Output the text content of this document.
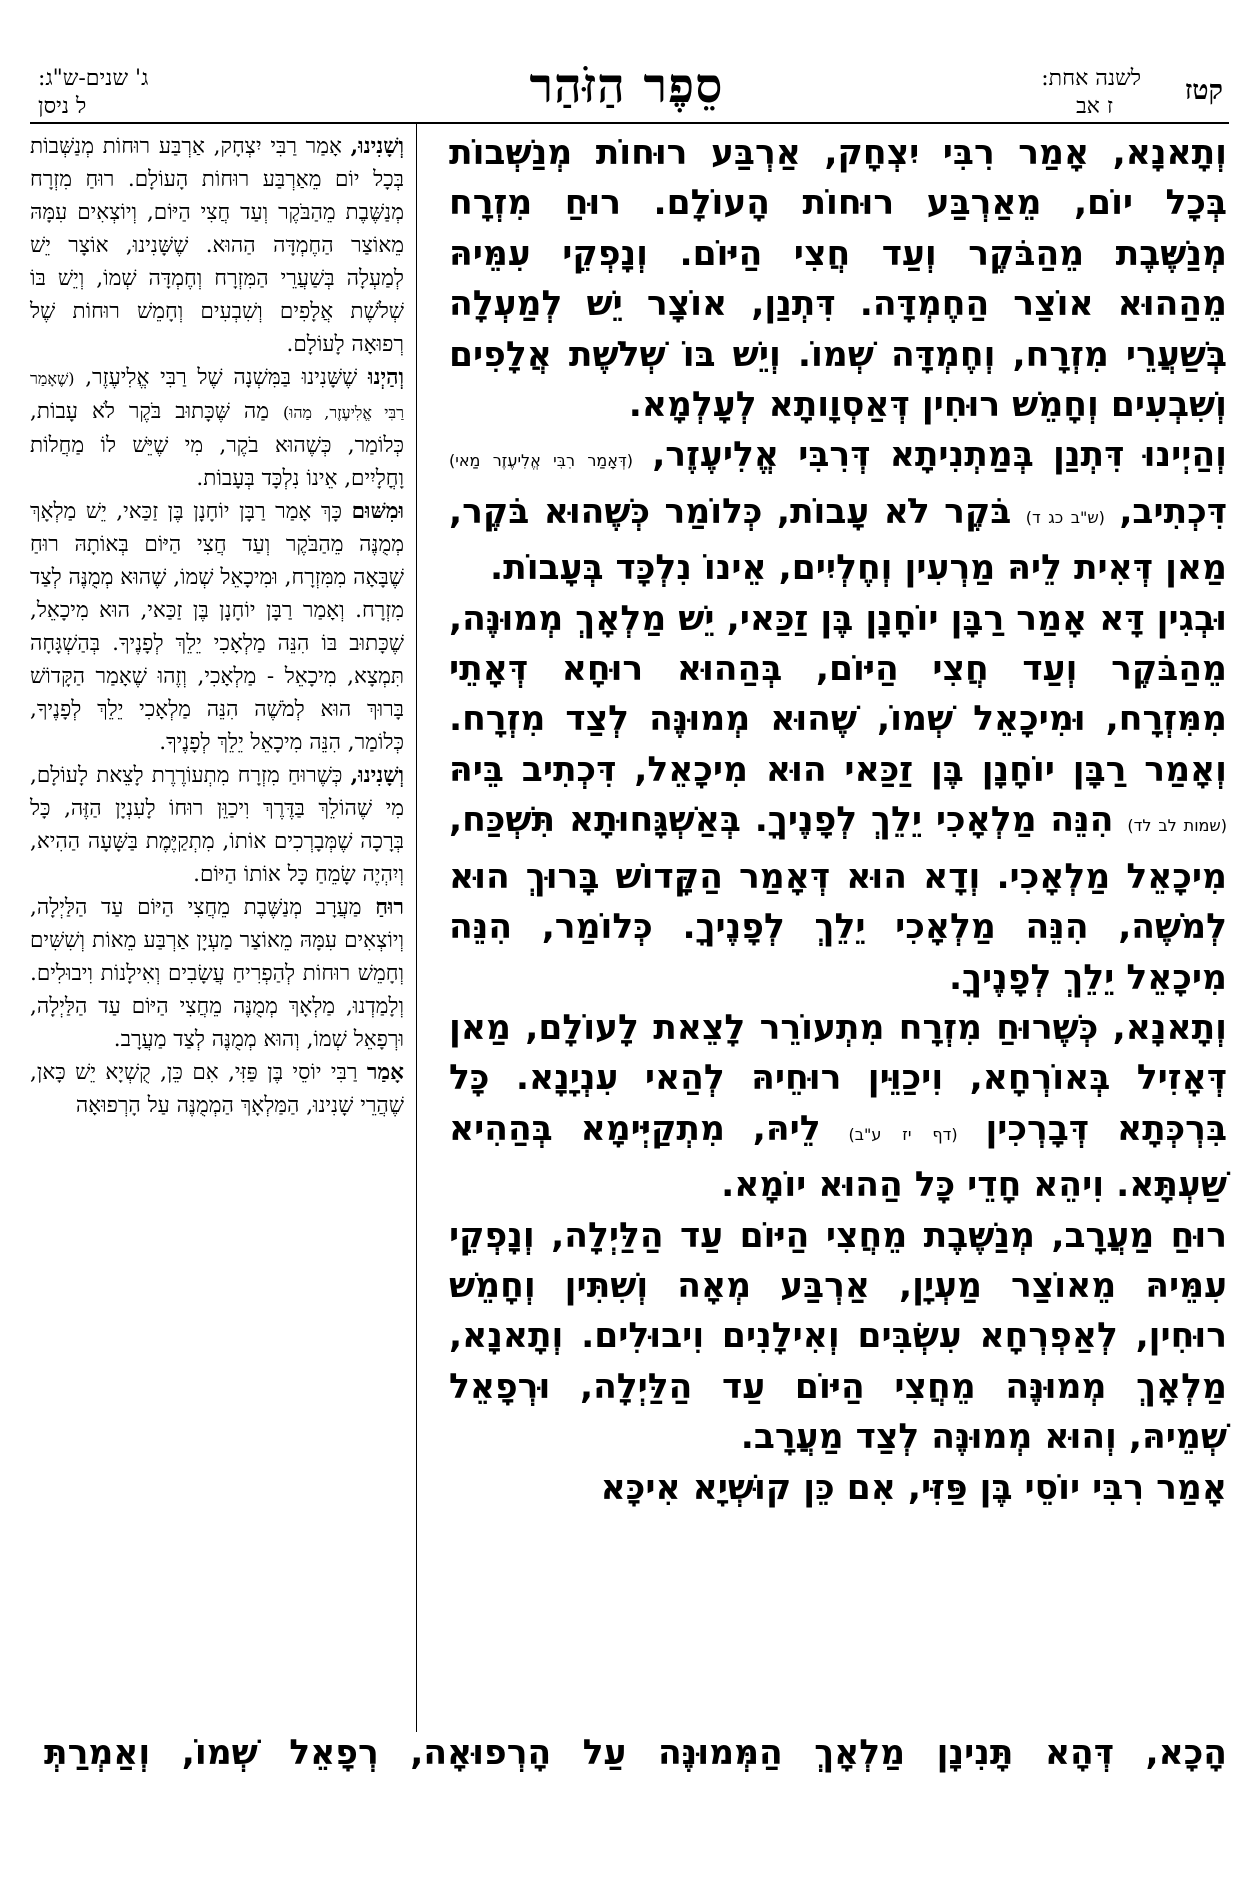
קטז
לשנה אחת:
ז אב
סֵפֶר הַזֹּהַר
ג' שנים-ש"ג:
ל ניסן

וְתָאנָא, אָמַר רִבִּי יִצְחָק, אַרְבַּע רוּחוֹת מְנַשְּׁבוֹת בְּכָל יוֹם, מֵאַרְבַּע רוּחוֹת הָעוֹלָם. רוּחַ מִזְרָח מְנַשֶּׁבֶת מֵהַבֹּקֶר וְעַד חֲצִי הַיּוֹם. וְנָפְקֵי עִמֵּיהּ מֵהַהוּא אוֹצַר הַחֶמְדָּה. דִּתְנַן, אוֹצָר יֵשׁ לְמַעְלָה בְּשַׁעֲרֵי מִזְרָח, וְחֶמְדָּה שְׁמוֹ. וְיֵשׁ בּוֹ שְׁלֹשֶׁת אֲלָפִים וְשִׁבְעִים וְחָמֵשׁ רוּחִין דְּאַסְוָותָא לְעָלְמָא.

וְהַיְינוּ דִּתְנַן בְּמַתְנִיתָא דְּרִבִּי אֱלִיעֶזֶר, (דְּאָמַר רִבִּי אֱלִיעֶזֶר מַאי) דִּכְתִיב, (ש"ב כג ד) בֹּקֶר לֹא עָבוֹת, כְּלוֹמַר כְּשֶׁהוּא בֹּקֶר, מַאן דְּאִית לֵיהּ מַרְעִין וְחֶלְיִים, אֵינוֹ נִלְכָּד בְּעָבוֹת.

וּבְגִין דָּא אָמַר רַבָּן יוֹחָנָן בֶּן זַכַּאי, יֵשׁ מַלְאָךְ מְמוּנֶּה, מֵהַבֹּקֶר וְעַד חֲצִי הַיּוֹם, בְּהַהוּא רוּחָא דְּאָתֵי מִמִּזְרָח, וּמִיכָאֵל שְׁמוֹ, שֶׁהוּא מְמוּנֶּה לְצַד מִזְרָח. וְאָמַר רַבָּן יוֹחָנָן בֶּן זַכַּאי הוּא מִיכָאֵל, דִּכְתִיב בֵּיהּ (שמות לב לד) הִנֵּה מַלְאָכִי יֵלֵךְ לְפָנֶיךָ. בְּאַשְׁגָּחוּתָא תִּשְׁכַּח, מִיכָאֵל מַלְאָכִי. וְדָא הוּא דְּאָמַר הַקָּדוֹשׁ בָּרוּךְ הוּא לְמֹשֶׁה, הִנֵּה מַלְאָכִי יֵלֵךְ לְפָנֶיךָ. כְּלוֹמַר, הִנֵּה מִיכָאֵל יֵלֵךְ לְפָנֶיךָ.

וְתָאנָא, כְּשֶׁרוּחַ מִזְרָח מִתְעוֹרֵר לָצֵאת לָעוֹלָם, מַאן דְּאָזִיל בְּאוֹרְחָא, וִיכַוֵּין רוּחֵיהּ לְהַאי עִנְיָנָא. כָּל בִּרְכְּתָא דְּבָרְכִין (דף יז ע"ב) לֵיהּ, מִתְקַיְּימָא בְּהַהִיא שַׁעְתָּא. וִיהֵא חָדֵי כָּל הַהוּא יוֹמָא.

רוּחַ מַעֲרָב, מְנַשֶּׁבֶת מֵחֲצִי הַיּוֹם עַד הַלַּיְלָה, וְנָפְקֵי עִמֵּיהּ מֵאוֹצַר מַעְיָן, אַרְבַּע מְאָה וְשִׁתִּין וְחָמֵשׁ רוּחִין, לְאַפְרְחָא עִשְׂבִּים וְאִילָנִים וִיבוּלִים. וְתָאנָא, מַלְאָךְ מְמוּנֶּה מֵחֲצִי הַיּוֹם עַד הַלַּיְלָה, וּרְפָאֵל שְׁמֵיהּ, וְהוּא מְמוּנֶּה לְצַד מַעֲרָב.

אָמַר רִבִּי יוֹסֵי בֶּן פַּזִּי, אִם כֵּן קוּשְׁיָא אִיכָּא

וְשָׁנִינוּ, אָמַר רַבִּי יִצְחָק, אַרְבַּע רוּחוֹת מְנַשְּׁבוֹת בְּכָל יוֹם מֵאַרְבַּע רוּחוֹת הָעוֹלָם. רוּחַ מִזְרָח מְנַשֶּׁבֶת מֵהַבֹּקֶר וְעַד חֲצִי הַיּוֹם, וְיוֹצְאִים עִמָּהּ מֵאוֹצַר הַחֶמְדָּה הַהוּא. שֶׁשָּׁנִינוּ, אוֹצָר יֵשׁ לְמַעְלָה בְּשַׁעֲרֵי הַמִּזְרָח וְחֶמְדָּה שְׁמוֹ, וְיֵשׁ בּוֹ שְׁלֹשֶׁת אֲלָפִים וְשִׁבְעִים וְחָמֵשׁ רוּחוֹת שֶׁל רְפוּאָה לָעוֹלָם.

וְהַיְנוּ שֶׁשָּׁנִינוּ בַּמִּשְׁנָה שֶׁל רַבִּי אֱלִיעֶזֶר, (שֶׁאָמַר רַבִּי אֱלִיעֶזֶר, מַהוּ) מַה שֶּׁכָּתוּב בֹּקֶר לֹא עָבוֹת, כְּלוֹמַר, כְּשֶׁהוּא בֹקֶר, מִי שֶׁיֵּשׁ לוֹ מַחֲלוֹת וָחֳלָיִים, אֵינוֹ נִלְכָּד בְּעָבוֹת.

וּמִשּׁוּם כָּךְ אָמַר רַבָּן יוֹחָנָן בֶּן זַכַּאי, יֵשׁ מַלְאָךְ מְמֻנֶּה מֵהַבֹּקֶר וְעַד חֲצִי הַיּוֹם בְּאוֹתָהּ רוּחַ שֶׁבָּאָה מִמִּזְרָח, וּמִיכָאֵל שְׁמוֹ, שֶׁהוּא מְמֻנֶּה לְצַד מִזְרָח. וְאָמַר רַבָּן יוֹחָנָן בֶּן זַכַּאי, הוּא מִיכָאֵל, שֶׁכָּתוּב בּוֹ הִנֵּה מַלְאָכִי יֵלֵךְ לְפָנֶיךָ. בְּהַשְׁגָּחָה תִּמְצָא, מִיכָאֵל - מַלְאָכִי, וְזֶהוּ שֶׁאָמַר הַקָּדוֹשׁ בָּרוּךְ הוּא לְמֹשֶׁה הִנֵּה מַלְאָכִי יֵלֵךְ לְפָנֶיךָ, כְּלוֹמַר, הִנֵּה מִיכָאֵל יֵלֵךְ לְפָנֶיךָ.

וְשָׁנִינוּ, כְּשֶׁרוּחַ מִזְרָח מִתְעוֹרֶרֶת לָצֵאת לָעוֹלָם, מִי שֶׁהוֹלֵךְ בַּדֶּרֶךְ וִיכַוֵּן רוּחוֹ לָעִנְיָן הַזֶּה, כָּל בְּרָכָה שֶׁמְּבָרְכִים אוֹתוֹ, מִתְקַיֶּמֶת בַּשָּׁעָה הַהִיא, וְיִהְיֶה שָׂמֵחַ כָּל אוֹתוֹ הַיּוֹם.

רוּחַ מַעֲרָב מְנַשֶּׁבֶת מֵחֲצִי הַיּוֹם עַד הַלַּיְלָה, וְיוֹצְאִים עִמָּהּ מֵאוֹצַר מַעְיָן אַרְבַּע מֵאוֹת וְשִׁשִּׁים וְחָמֵשׁ רוּחוֹת לְהַפְרִיחַ עֲשָׂבִים וְאִילָנוֹת וִיבוּלִים. וְלָמַדְנוּ, מַלְאָךְ מְמֻנֶּה מֵחֲצִי הַיּוֹם עַד הַלַּיְלָה, וּרְפָאֵל שְׁמוֹ, וְהוּא מְמֻנֶּה לְצַד מַעֲרָב.

אָמַר רַבִּי יוֹסֵי בֶּן פַּזִּי, אִם כֵּן, קֻשְׁיָא יֵשׁ כָּאן, שֶׁהֲרֵי שָׁנִינוּ, הַמַּלְאָךְ הַמְמֻנֶּה עַל הָרְפוּאָה

הָכָא, דְּהָא תָּנִינָן מַלְאָךְ הַמְּמוּנֶּה עַל הָרְפוּאָה, רְפָאֵל שְׁמוֹ, וְאַמְרַתְּ
